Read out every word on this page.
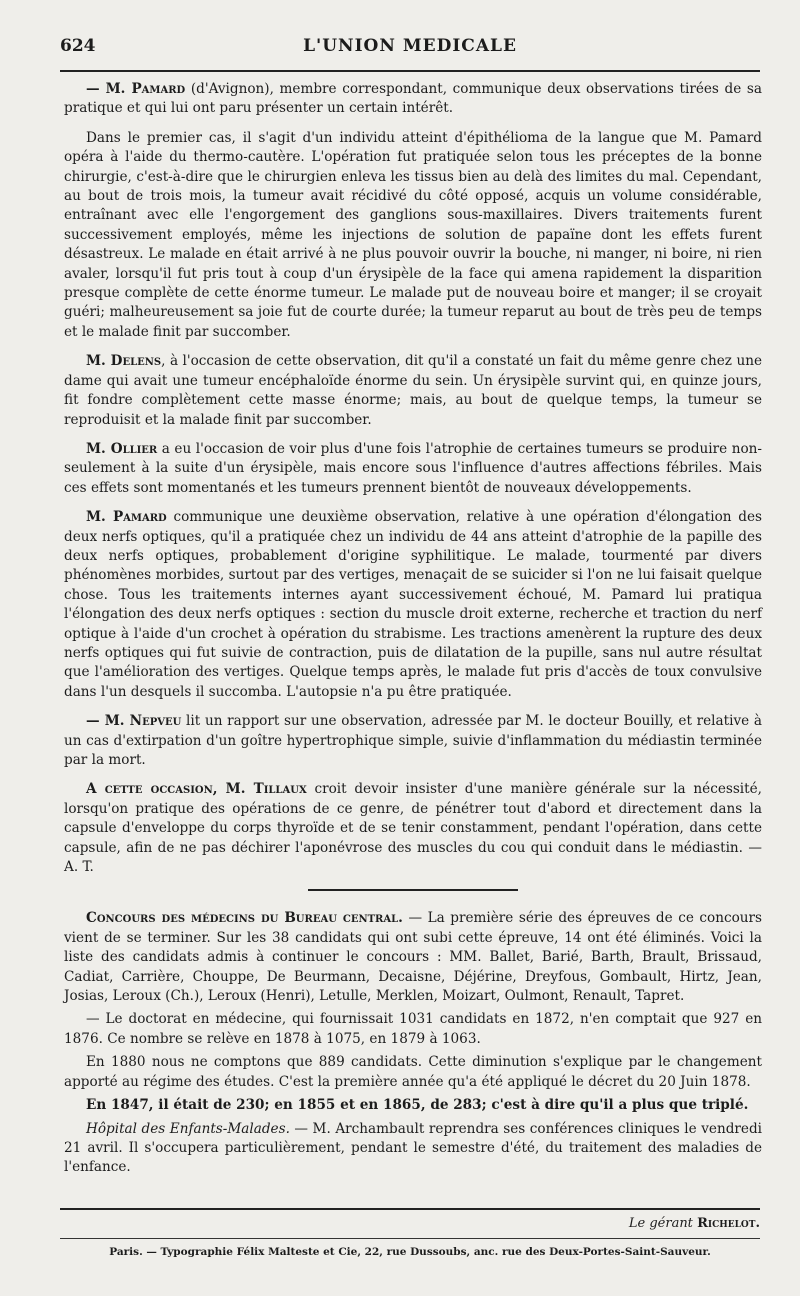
624	L'UNION MEDICALE

— M. Pamard (d'Avignon), membre correspondant, communique deux observations tirées de sa pratique et qui lui ont paru présenter un certain intérêt.

Dans le premier cas, il s'agit d'un individu atteint d'épithélioma de la langue que M. Pamard opéra à l'aide du thermo-cautère. L'opération fut pratiquée selon tous les préceptes de la bonne chirurgie, c'est-à-dire que le chirurgien enleva les tissus bien au delà des limites du mal. Cependant, au bout de trois mois, la tumeur avait récidivé du côté opposé, acquis un volume considérable, entraînant avec elle l'engorgement des ganglions sous-maxillaires. Divers traitements furent successivement employés, même les injections de solution de papaïne dont les effets furent désastreux. Le malade en était arrivé à ne plus pouvoir ouvrir la bouche, ni manger, ni boire, ni rien avaler, lorsqu'il fut pris tout à coup d'un érysipèle de la face qui amena rapidement la disparition presque complète de cette énorme tumeur. Le malade put de nouveau boire et manger; il se croyait guéri; malheureusement sa joie fut de courte durée; la tumeur reparut au bout de très peu de temps et le malade finit par succomber.

M. Delens, à l'occasion de cette observation, dit qu'il a constaté un fait du même genre chez une dame qui avait une tumeur encéphaloïde énorme du sein. Un érysipèle survint qui, en quinze jours, fit fondre complètement cette masse énorme; mais, au bout de quelque temps, la tumeur se reproduisit et la malade finit par succomber.

M. Ollier a eu l'occasion de voir plus d'une fois l'atrophie de certaines tumeurs se produire non-seulement à la suite d'un érysipèle, mais encore sous l'influence d'autres affections fébriles. Mais ces effets sont momentanés et les tumeurs prennent bientôt de nouveaux développements.

M. Pamard communique une deuxième observation, relative à une opération d'élongation des deux nerfs optiques, qu'il a pratiquée chez un individu de 44 ans atteint d'atrophie de la papille des deux nerfs optiques, probablement d'origine syphilitique. Le malade, tourmenté par divers phénomènes morbides, surtout par des vertiges, menaçait de se suicider si l'on ne lui faisait quelque chose. Tous les traitements internes ayant successivement échoué, M. Pamard lui pratiqua l'élongation des deux nerfs optiques : section du muscle droit externe, recherche et traction du nerf optique à l'aide d'un crochet à opération du strabisme. Les tractions amenèrent la rupture des deux nerfs optiques qui fut suivie de contraction, puis de dilatation de la pupille, sans nul autre résultat que l'amélioration des vertiges. Quelque temps après, le malade fut pris d'accès de toux convulsive dans l'un desquels il succomba. L'autopsie n'a pu être pratiquée.

— M. Nepveu lit un rapport sur une observation, adressée par M. le docteur Bouilly, et relative à un cas d'extirpation d'un goître hypertrophique simple, suivie d'inflammation du médiastin terminée par la mort.

A cette occasion, M. Tillaux croit devoir insister d'une manière générale sur la nécessité, lorsqu'on pratique des opérations de ce genre, de pénétrer tout d'abord et directement dans la capsule d'enveloppe du corps thyroïde et de se tenir constamment, pendant l'opération, dans cette capsule, afin de ne pas déchirer l'aponévrose des muscles du cou qui conduit dans le médiastin. — A. T.

Concours des médecins du Bureau central. — La première série des épreuves de ce concours vient de se terminer. Sur les 38 candidats qui ont subi cette épreuve, 14 ont été éliminés. Voici la liste des candidats admis à continuer le concours : MM. Ballet, Barié, Barth, Brault, Brissaud, Cadiat, Carrière, Chouppe, De Beurmann, Decaisne, Déjérine, Dreyfous, Gombault, Hirtz, Jean, Josias, Leroux (Ch.), Leroux (Henri), Letulle, Merklen, Moizart, Oulmont, Renault, Tapret.

— Le doctorat en médecine, qui fournissait 1031 candidats en 1872, n'en comptait que 927 en 1876. Ce nombre se relève en 1878 à 1075, en 1879 à 1063.

En 1880 nous ne comptons que 889 candidats. Cette diminution s'explique par le changement apporté au régime des études. C'est la première année qu'a été appliqué le décret du 20 Juin 1878.

En 1847, il était de 230; en 1855 et en 1865, de 283; c'est à dire qu'il a plus que triplé.

Hôpital des Enfants-Malades. — M. Archambault reprendra ses conférences cliniques le vendredi 21 avril. Il s'occupera particulièrement, pendant le semestre d'été, du traitement des maladies de l'enfance.

Le gérant Richelot.
Paris. — Typographie Félix Malteste et Cie, 22, rue Dussoubs, anc. rue des Deux-Portes-Saint-Sauveur.
